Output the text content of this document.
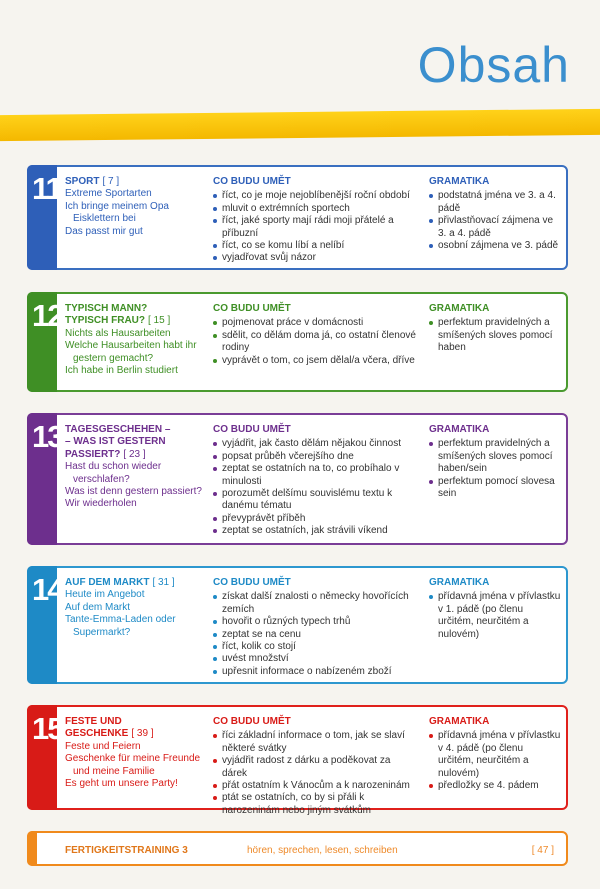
Obsah
11 SPORT [ 7 ]
Extreme Sportarten
Ich bringe meinem Opa Eisklettern bei
Das passt mir gut
CO BUDU UMĚT
říct, co je moje nejoblíbenější roční období
mluvit o extrémních sportech
říct, jaké sporty mají rádi moji přátelé a příbuzní
říct, co se komu líbí a nelíbí
vyjadřovat svůj názor
GRAMATIKA
podstatná jména ve 3. a 4. pádě
přivlastňovací zájmena ve 3. a 4. pádě
osobní zájmena ve 3. pádě
12 TYPISCH MANN?
TYPISCH FRAU? [ 15 ]
Nichts als Hausarbeiten
Welche Hausarbeiten habt ihr gestern gemacht?
Ich habe in Berlin studiert
CO BUDU UMĚT
pojmenovat práce v domácnosti
sdělit, co dělám doma já, co ostatní členové rodiny
vyprávět o tom, co jsem dělal/a včera, dříve
GRAMATIKA
perfektum pravidelných a smíšených sloves pomocí haben
13 TAGESGESCHEHEN –
– WAS IST GESTERN
PASSIERT? [ 23 ]
Hast du schon wieder verschlafen?
Was ist denn gestern passiert?
Wir wiederholen
CO BUDU UMĚT
vyjádřit, jak často dělám nějakou činnost
popsat průběh včerejšího dne
zeptat se ostatních na to, co probíhalo v minulosti
porozumět delšímu souvislému textu k danému tématu
převyprávět příběh
zeptat se ostatních, jak strávili víkend
GRAMATIKA
perfektum pravidelných a smíšených sloves pomocí haben/sein
perfektum pomocí slovesa sein
14 AUF DEM MARKT [ 31 ]
Heute im Angebot
Auf dem Markt
Tante-Emma-Laden oder Supermarkt?
CO BUDU UMĚT
získat další znalosti o německy hovořících zemích
hovořit o různých typech trhů
zeptat se na cenu
říct, kolik co stojí
uvést množství
upřesnit informace o nabízeném zboží
GRAMATIKA
přídavná jména v přívlastku v 1. pádě (po členu určitém, neurčitém a nulovém)
15 FESTE UND
GESCHENKE [ 39 ]
Feste und Feiern
Geschenke für meine Freunde und meine Familie
Es geht um unsere Party!
CO BUDU UMĚT
říci základní informace o tom, jak se slaví některé svátky
vyjádřit radost z dárku a poděkovat za dárek
přát ostatním k Vánocům a k narozeninám
ptát se ostatních, co by si přáli k narozeninám nebo jiným svátkům
GRAMATIKA
přídavná jména v přívlastku v 4. pádě (po členu určitém, neurčitém a nulovém)
předložky se 4. pádem
FERTIGKEITSTRAINING 3	hören, sprechen, lesen, schreiben	[ 47 ]
